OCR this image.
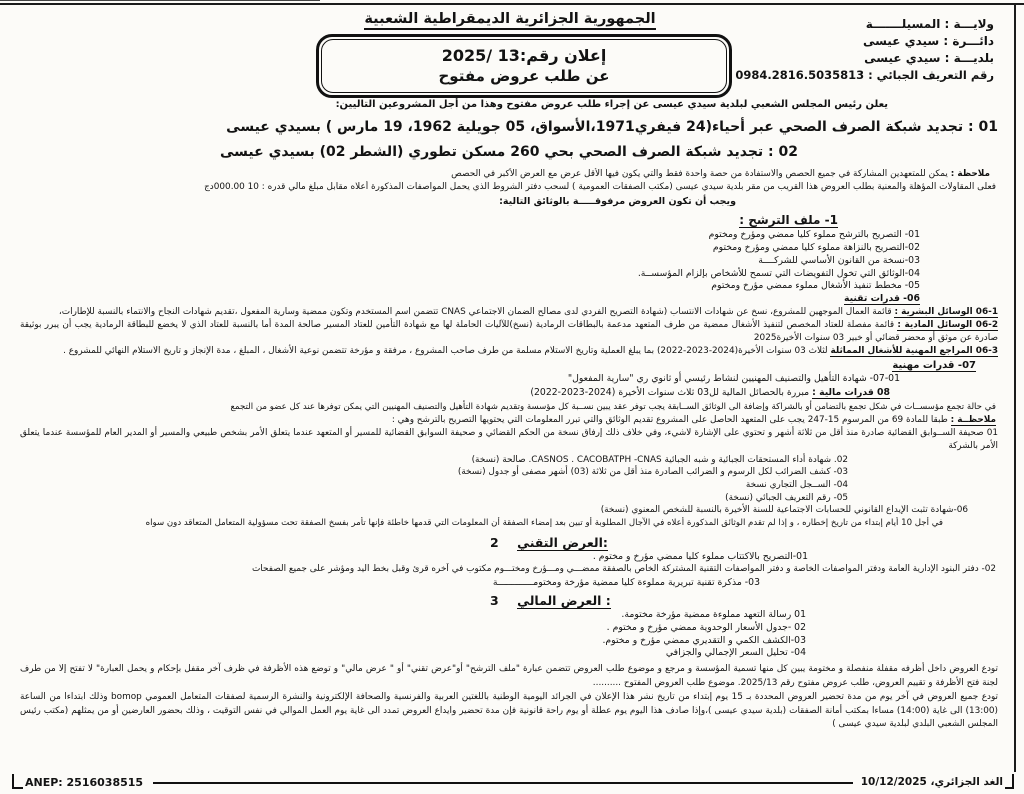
الجمهورية الجزائرية الديمقراطية الشعبية
إعلان رقم:13 /2025
عن طلب عروض مفتوح
ولايـــة : المسيلـــــــة
دائـــرة : سيدي عيسى
بلديـــة : سيدي عيسى
رقم التعريف الجبائي : 0984.2816.5035813
يعلن رئيس المجلس الشعبي لبلدية سيدي عيسى عن إجراء طلب عروض مفتوح وهذا من أجل المشروعين التاليين:
01 : تجديد شبكة الصرف الصحي عبر أحياء(24 فيفري1971،الأسواق، 05 جويلية 1962، 19 مارس ) بسيدي عيسى
02 : تجديد شبكة الصرف الصحي بحي 260 مسكن تطوري (الشطر 02) بسيدي عيسى
ملاحظة : يمكن للمتعهدين المشاركة في جميع الحصص والاستفادة من حصة واحدة فقط والتي يكون فيها الأقل عرض مع العرض الأكبر في الحصص
فعلى المقاولات المؤهلة والمعنية بطلب العروض هذا القريب من مقر بلدية سيدي عيسى (مكتب الصفقات العمومية ) لسحب دفتر الشروط الذي يحمل المواصفات المذكورة أعلاه مقابل مبلغ مالي قدره : 10 000.00دج
ويجب أن تكون العروض مرفوقـــــة بالوثائق التالية:
1- ملف الترشح :
01- التصريح بالترشح مملوء كليا ممضي ومؤرخ ومختوم
02-التصريح بالنزاهة مملوء كليا ممضي ومؤرخ ومختوم
03-نسخة من القانون الأساسي للشركــــة
04-الوثائق التي تخول التفويضات التي تسمح للأشخاص بإلزام المؤسســة.
05- مخطط تنفيذ الأشغال مملوء ممضي مؤرخ ومختوم
06- قدرات تقنية
06-1 الوسائل البشرية : قائمة العمال الموجهين للمشروع، نسخ عن شهادات الانتساب (شهادة التصريح الفردي لدى مصالح الضمان الاجتماعي CNAS تتضمن اسم المستخدم وتكون ممضية وسارية المفعول ،تقديم شهادات النجاح والانتماء بالنسبة للإطارات،
06-2 الوسائل المادية : قائمة مفصلة للعتاد المخصص لتنفيذ الأشغال ممضية من طرف المتعهد مدعمة بالبطاقات الرمادية (نسخ)للآليات الحاملة لها مع شهادة التأمين للعتاد المسير صالحة المدة أما بالنسبة للعتاد الذي لا يخضع للبطاقة الرمادية يجب أن يبرر بوثيقة صادرة عن موثق أو محضر قضائي أو خبير 03 سنوات الأخيرة2025
06-3 المراجع المهنية للأشغال المماثلة لثلاث 03 سنوات الأخيرة(2024-2023-2022) بما يبلغ العملية وتاريخ الاستلام مسلمة من طرف صاحب المشروع ، مرفقة و مؤرخة تتضمن نوعية الأشغال ، المبلغ ، مدة الإنجاز و تاريخ الاستلام النهائي للمشروع .
07- قدرات مهنية
07-01- شهادة التأهيل والتصنيف المهنيين لنشاط رئيسي أو ثانوي ري "سارية المفعول"
08 قدرات مالية : مبررة بالحصائل المالية لل03 ثلاث سنوات الأخيرة (2024-2023-2022)
في حالة تجمع مؤسســات في شكل تجمع بالتضامن أو بالشراكة وإضافة الى الوثائق الســابقة يجب توفر عقد يبين نســبة كل مؤسسة وتقديم شهادة التأهيل والتصنيف المهنيين التي يمكن توفرها عند كل عضو من التجمع
ملاحظــة : طبقا للمادة 69 من المرسوم 15-247 يجب على المتعهد الحاصل على المشروع تقديم الوثائق والتي تبرر المعلومات التي يحتويها التصريح بالترشح وهي :
01 صحيفة الســوابق القضائية صادرة منذ أقل من ثلاثة أشهر و تحتوي على الإشارة لاشيء، وفي خلاف ذلك إرفاق نسخة من الحكم القضائي و صحيفة السوابق القضائية للمسير أو المتعهد عندما يتعلق الأمر بشخص طبيعي والمسير أو المدير العام للمؤسسة عندما يتعلق الأمر بالشركة
02. شهادة أداء المستحقات الجبائية و شبه الجبائية CASNOS . CACOBATPH -CNAS. صالحة (نسخة)
03- كشف الضرائب لكل الرسوم و الضرائب الصادرة منذ أقل من ثلاثة (03) أشهر مصفى أو جدول (نسخة)
04- الســجل التجاري نسخة
05- رقم التعريف الجبائي (نسخة)
06-شهادة تثبت الإيداع القانوني للحسابات الاجتماعية للسنة الأخيرة بالنسبة للشخص المعنوي (نسخة)
في أجل 10 أيام إبتداء من تاريخ إخطاره ، و إذا لم تقدم الوثائق المذكورة أعلاه في الآجال المطلوبة أو تبين بعد إمضاء الصفقة أن المعلومات التي قدمها خاطئة فإنها تأمر بفسخ الصفقة تحت مسؤولية المتعامل المتعاقد دون سواه
2 العرض التقني:
01-التصريح بالاكتتاب مملوء كليا ممضي مؤرخ و مختوم .
02- دفتر البنود الإدارية العامة ودفتر المواصفات الخاصة و دفتر المواصفات التقنية المشتركة الخاص بالصفقة ممضـــي ومـــؤرخ ومختـــوم مكتوب في آخره قرئ وقبل بخط اليد ومؤشر على جميع الصفحات
03- مذكرة تقنية تبريرية مملوءة كليا ممضية مؤرخة ومختومـــــــــــــة
3 العرض المالي :
01 رسالة التعهد مملوءة ممضية مؤرخة مختومة.
02 -جدول الأسعار الوحدوية ممضي مؤرخ و مختوم .
03-الكشف الكمي و التقديري ممضي مؤرخ و مختوم.
04- تحليل السعر الإجمالي والجزافي
تودع العروض داخل أظرفه مقفلة منفصلة و مختومة يبين كل منها تسمية المؤسسة و مرجع و موضوع طلب العروض تتضمن عبارة "ملف الترشح" أو"عرض تقني" أو " عرض مالي" و توضع هذه الأظرفة في ظرف آخر مقفل بإحكام و يحمل العبارة" لا تفتح إلا من طرف لجنة فتح الأظرفة و تقييم العروض، طلب عروض مفتوح رقم 2025/13. موضوع طلب العروض المفتوح ..........
تودع جميع العروض في آخر يوم من مدة تحضير العروض المحددة بـ 15 يوم إبتداء من تاريخ نشر هذا الإعلان في الجرائد اليومية الوطنية باللغتين العربية والفرنسية والصحافة الإلكترونية والنشرة الرسمية لصفقات المتعامل العمومي bomop وذلك ابتداءا من الساعة (13:00) الى غاية (14:00) مساءا بمكتب أمانة الصفقات (بلدية سيدي عيسى )،وإذا صادف هذا اليوم يوم عطلة أو يوم راحة قانونية فإن مدة تحضير وايداع العروض تمدد الى غاية يوم العمل الموالي في نفس التوقيت ، وذلك بحضور العارضين أو من يمثلهم (مكتب رئيس المجلس الشعبي البلدي لبلدية سيدي عيسى )
ANEP: 2516038515	الغد الجزائري، 10/12/2025
